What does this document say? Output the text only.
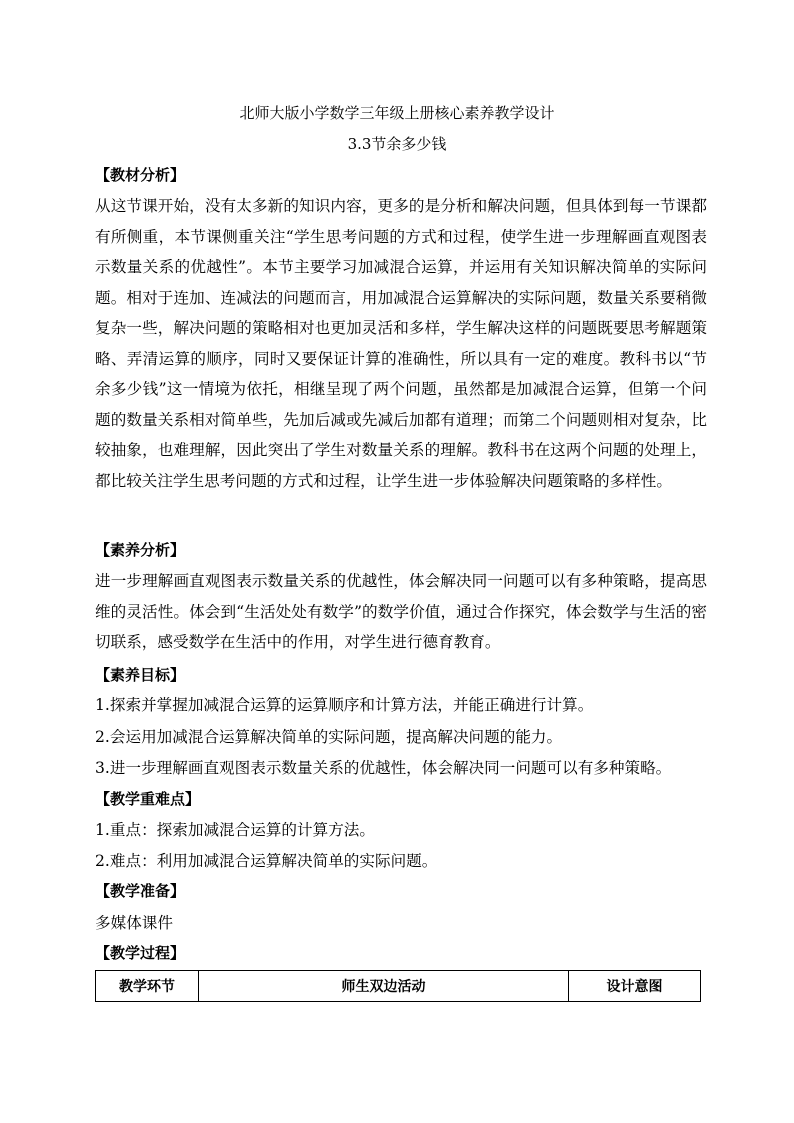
北师大版小学数学三年级上册核心素养教学设计
3.3节余多少钱
【教材分析】

从这节课开始，没有太多新的知识内容，更多的是分析和解决问题，但具体到每一节课都有所侧重，本节课侧重关注“学生思考问题的方式和过程，使学生进一步理解画直观图表示数量关系的优越性”。本节主要学习加减混合运算，并运用有关知识解决简单的实际问题。相对于连加、连减法的问题而言，用加减混合运算解决的实际问题，数量关系要稍微复杂一些，解决问题的策略相对也更加灵活和多样，学生解决这样的问题既要思考解题策略、弄清运算的顺序，同时又要保证计算的准确性，所以具有一定的难度。教科书以“节余多少钱”这一情境为依托，相继呈现了两个问题，虽然都是加减混合运算，但第一个问题的数量关系相对简单些，先加后减或先减后加都有道理；而第二个问题则相对复杂，比较抽象，也难理解，因此突出了学生对数量关系的理解。教科书在这两个问题的处理上，都比较关注学生思考问题的方式和过程，让学生进一步体验解决问题策略的多样性。

【素养分析】

进一步理解画直观图表示数量关系的优越性，体会解决同一问题可以有多种策略，提高思维的灵活性。体会到“生活处处有数学”的数学价值，通过合作探究，体会数学与生活的密切联系，感受数学在生活中的作用，对学生进行德育教育。

【素养目标】
1.探索并掌握加减混合运算的运算顺序和计算方法，并能正确进行计算。
2.会运用加减混合运算解决简单的实际问题，提高解决问题的能力。
3.进一步理解画直观图表示数量关系的优越性，体会解决同一问题可以有多种策略。
【教学重难点】
1.重点：探索加减混合运算的计算方法。
2.难点：利用加减混合运算解决简单的实际问题。
【教学准备】
多媒体课件
【教学过程】
教学环节	师生双边活动	设计意图
